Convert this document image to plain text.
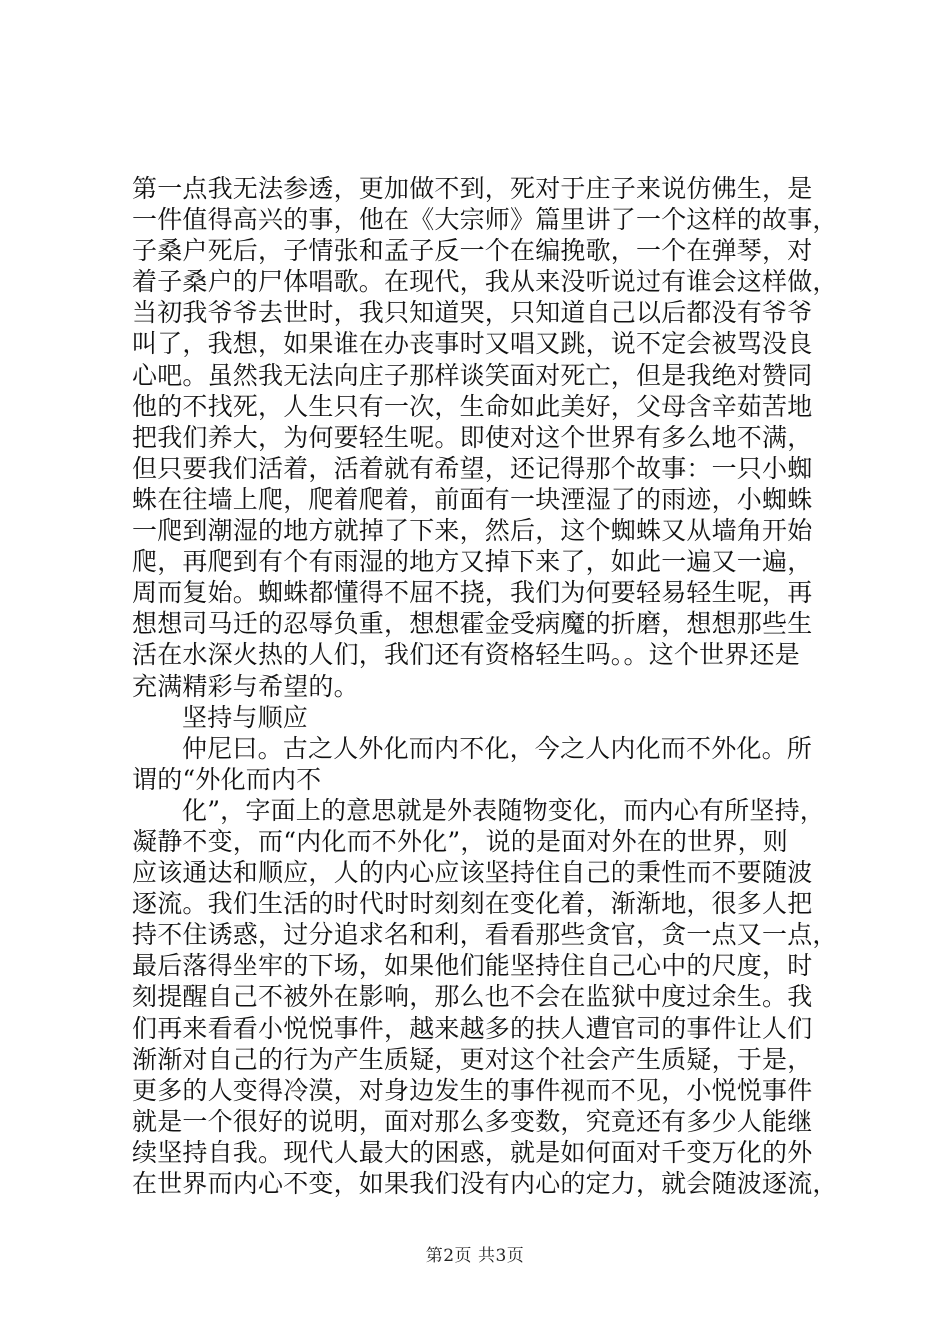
第一点我无法参透，更加做不到，死对于庄子来说仿佛生，是
一件值得高兴的事，他在《大宗师》篇里讲了一个这样的故事，
子桑户死后，子情张和孟子反一个在编挽歌，一个在弹琴，对
着子桑户的尸体唱歌。在现代，我从来没听说过有谁会这样做，
当初我爷爷去世时，我只知道哭，只知道自己以后都没有爷爷
叫了，我想，如果谁在办丧事时又唱又跳，说不定会被骂没良
心吧。虽然我无法向庄子那样谈笑面对死亡，但是我绝对赞同
他的不找死，人生只有一次，生命如此美好，父母含辛茹苦地
把我们养大，为何要轻生呢。即使对这个世界有多么地不满，
但只要我们活着，活着就有希望，还记得那个故事：一只小蜘
蛛在往墙上爬，爬着爬着，前面有一块湮湿了的雨迹，小蜘蛛
一爬到潮湿的地方就掉了下来，然后，这个蜘蛛又从墙角开始
爬，再爬到有个有雨湿的地方又掉下来了，如此一遍又一遍，
周而复始。蜘蛛都懂得不屈不挠，我们为何要轻易轻生呢，再
想想司马迁的忍辱负重，想想霍金受病魔的折磨，想想那些生
活在水深火热的人们，我们还有资格轻生吗。。这个世界还是
充满精彩与希望的。
坚持与顺应
仲尼曰。古之人外化而内不化，今之人内化而不外化。所
谓的“外化而内不
化”，字面上的意思就是外表随物变化，而内心有所坚持，
凝静不变，而“内化而不外化”，说的是面对外在的世界，则
应该通达和顺应，人的内心应该坚持住自己的秉性而不要随波
逐流。我们生活的时代时时刻刻在变化着，渐渐地，很多人把
持不住诱惑，过分追求名和利，看看那些贪官，贪一点又一点，
最后落得坐牢的下场，如果他们能坚持住自己心中的尺度，时
刻提醒自己不被外在影响，那么也不会在监狱中度过余生。我
们再来看看小悦悦事件，越来越多的扶人遭官司的事件让人们
渐渐对自己的行为产生质疑，更对这个社会产生质疑，于是，
更多的人变得冷漠，对身边发生的事件视而不见，小悦悦事件
就是一个很好的说明，面对那么多变数，究竟还有多少人能继
续坚持自我。现代人最大的困惑，就是如何面对千变万化的外
在世界而内心不变，如果我们没有内心的定力，就会随波逐流，
第2页 共3页
